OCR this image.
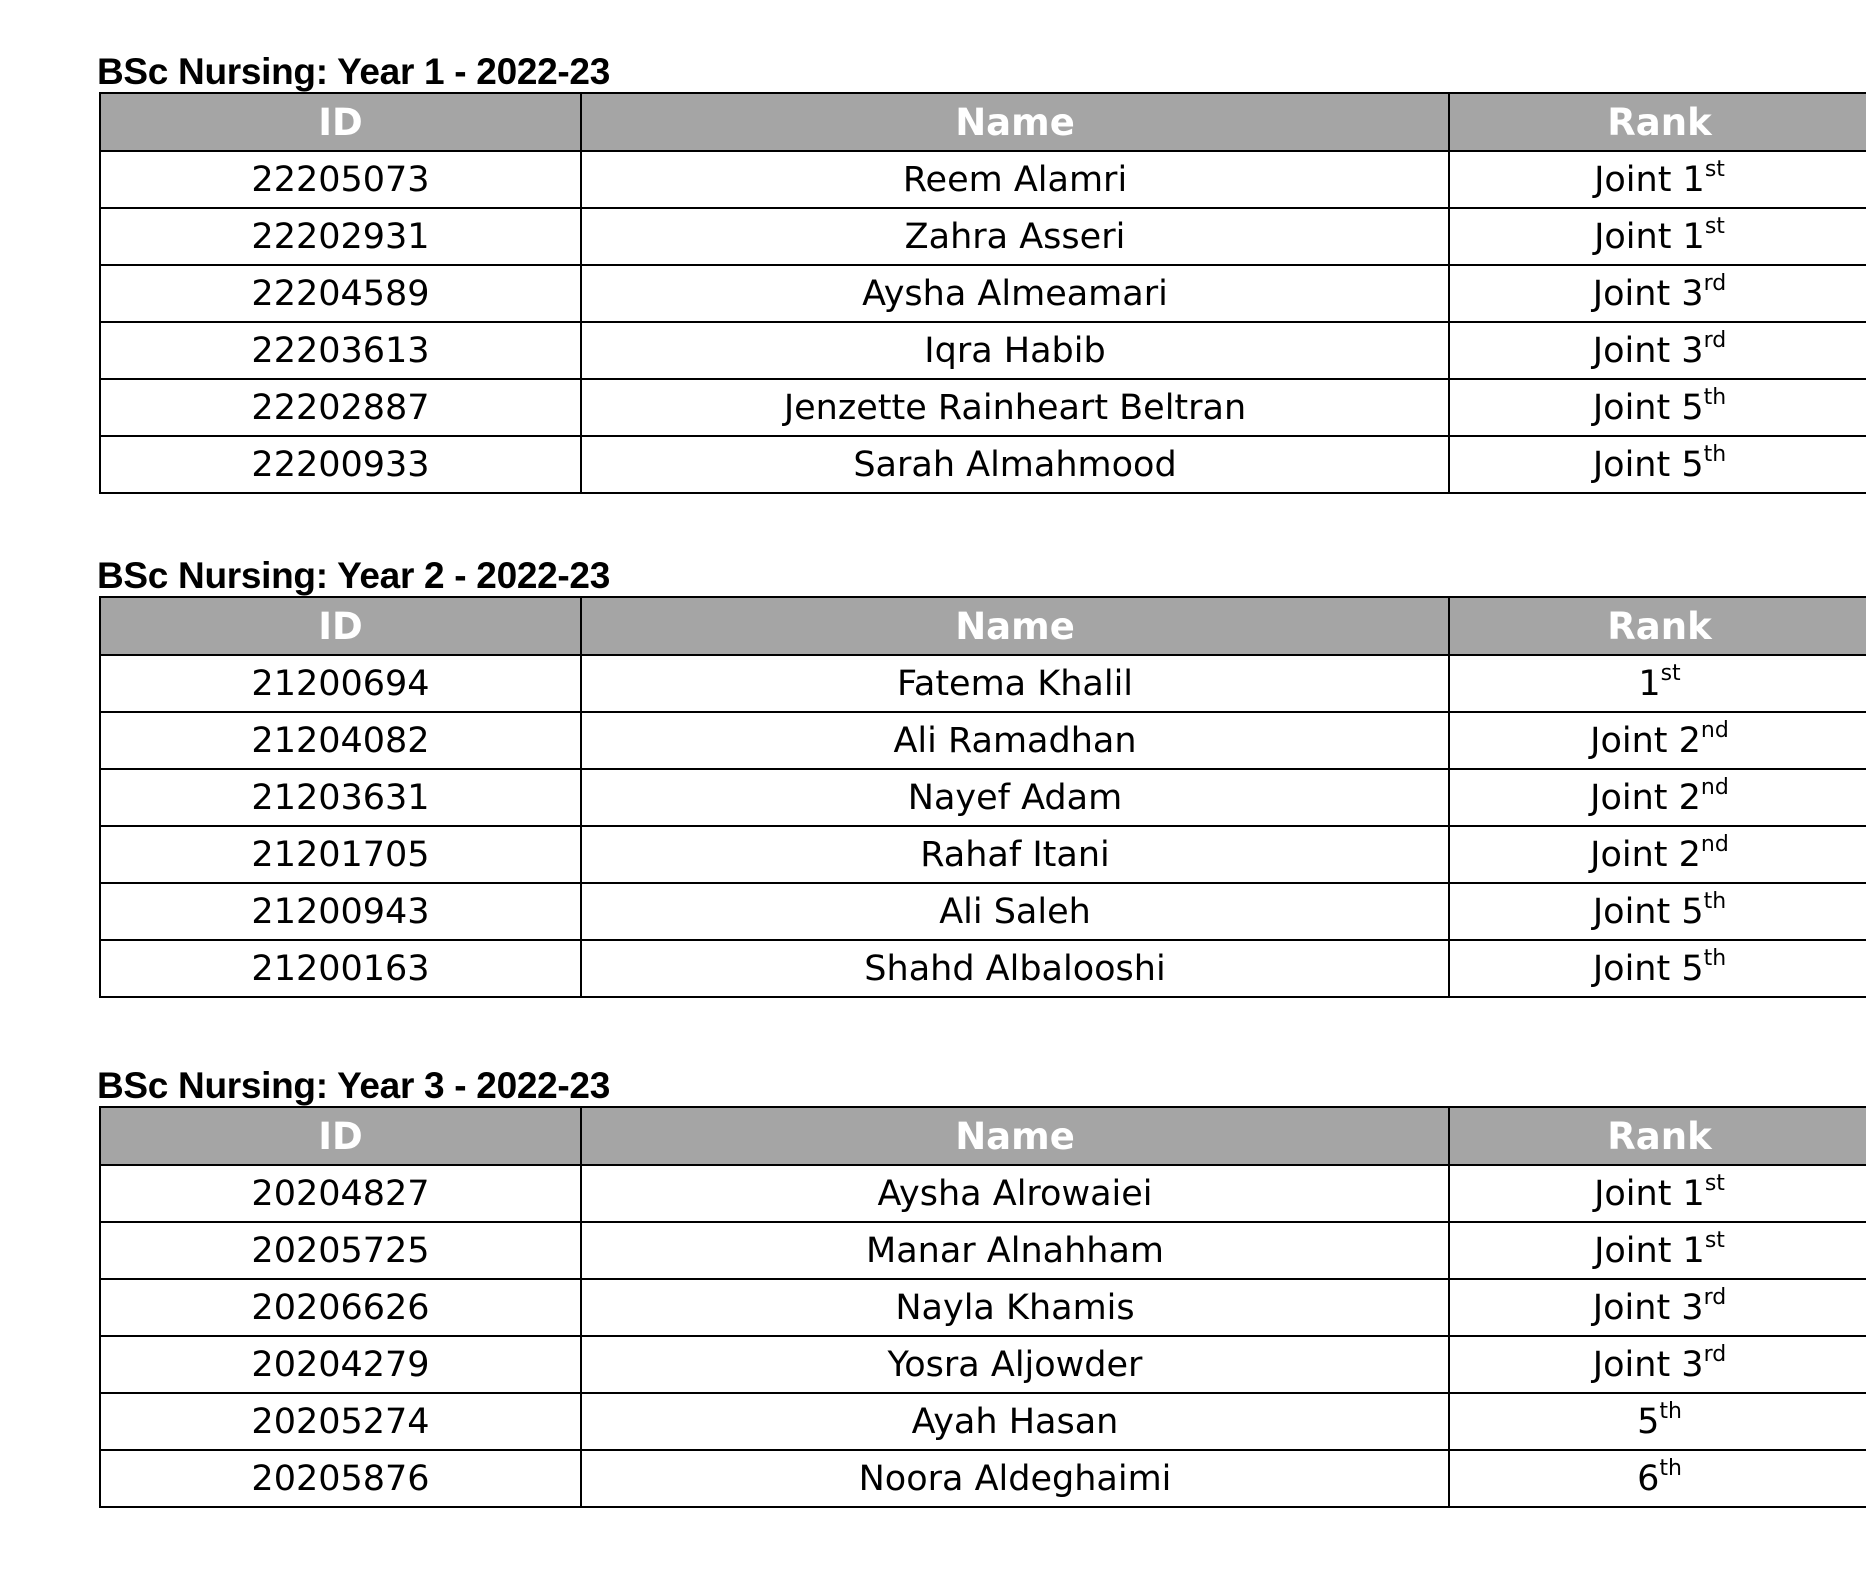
BSc Nursing: Year 1 - 2022-23
ID	Name	Rank
22205073	Reem Alamri	Joint 1st
22202931	Zahra Asseri	Joint 1st
22204589	Aysha Almeamari	Joint 3rd
22203613	Iqra Habib	Joint 3rd
22202887	Jenzette Rainheart Beltran	Joint 5th
22200933	Sarah Almahmood	Joint 5th
BSc Nursing: Year 2 - 2022-23
ID	Name	Rank
21200694	Fatema Khalil	1st
21204082	Ali Ramadhan	Joint 2nd
21203631	Nayef Adam	Joint 2nd
21201705	Rahaf Itani	Joint 2nd
21200943	Ali Saleh	Joint 5th
21200163	Shahd Albalooshi	Joint 5th
BSc Nursing: Year 3 - 2022-23
ID	Name	Rank
20204827	Aysha Alrowaiei	Joint 1st
20205725	Manar Alnahham	Joint 1st
20206626	Nayla Khamis	Joint 3rd
20204279	Yosra Aljowder	Joint 3rd
20205274	Ayah Hasan	5th
20205876	Noora Aldeghaimi	6th
